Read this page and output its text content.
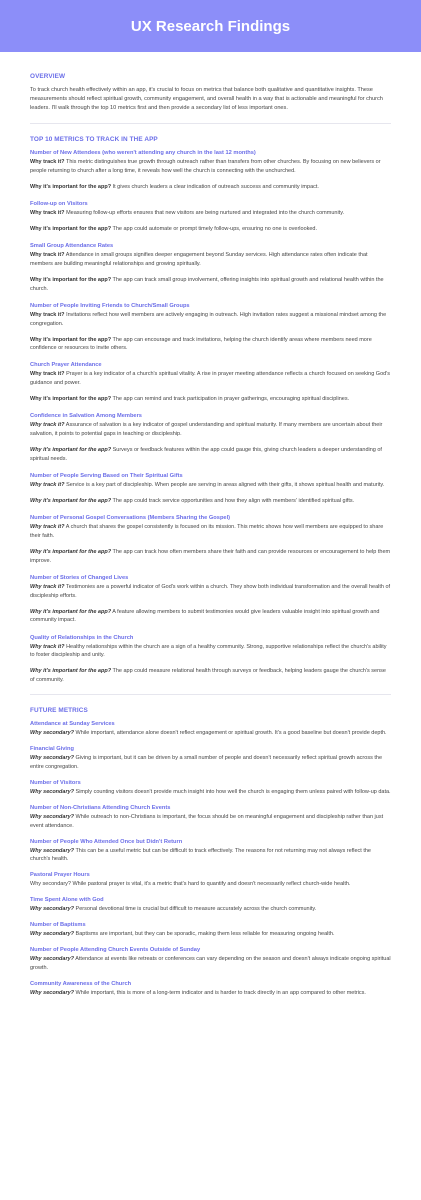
UX Research Findings
OVERVIEW

To track church health effectively within an app, it's crucial to focus on metrics that balance both qualitative and quantitative insights. These measurements should reflect spiritual growth, community engagement, and overall health in a way that is actionable and meaningful for church leaders. I'll walk through the top 10 metrics first and then provide a secondary list of less important ones.

TOP 10 METRICS TO TRACK IN THE APP
Number of New Attendees (who weren't attending any church in the last 12 months)

Why track it? This metric distinguishes true growth through outreach rather than transfers from other churches. By focusing on new believers or people returning to church after a long time, it reveals how well the church is connecting with the unchurched.

Why it's important for the app? It gives church leaders a clear indication of outreach success and community impact.

Follow-up on Visitors

Why track it? Measuring follow-up efforts ensures that new visitors are being nurtured and integrated into the church community.

Why it's important for the app? The app could automate or prompt timely follow-ups, ensuring no one is overlooked.

Small Group Attendance Rates

Why track it? Attendance in small groups signifies deeper engagement beyond Sunday services. High attendance rates often indicate that members are building meaningful relationships and growing spiritually.

Why it's important for the app? The app can track small group involvement, offering insights into spiritual growth and relational health within the church.

Number of People Inviting Friends to Church/Small Groups

Why track it? Invitations reflect how well members are actively engaging in outreach. High invitation rates suggest a missional mindset among the congregation.

Why it's important for the app? The app can encourage and track invitations, helping the church identify areas where members need more confidence or resources to invite others.

Church Prayer Attendance

Why track it? Prayer is a key indicator of a church's spiritual vitality. A rise in prayer meeting attendance reflects a church focused on seeking God's guidance and power.

Why it's important for the app? The app can remind and track participation in prayer gatherings, encouraging spiritual disciplines.

Confidence in Salvation Among Members

Why track it? Assurance of salvation is a key indicator of gospel understanding and spiritual maturity. If many members are uncertain about their salvation, it points to potential gaps in teaching or discipleship.

Why it's important for the app? Surveys or feedback features within the app could gauge this, giving church leaders a deeper understanding of spiritual needs.

Number of People Serving Based on Their Spiritual Gifts

Why track it? Service is a key part of discipleship. When people are serving in areas aligned with their gifts, it shows spiritual health and maturity.

Why it's important for the app? The app could track service opportunities and how they align with members' identified spiritual gifts.

Number of Personal Gospel Conversations (Members Sharing the Gospel)

Why track it? A church that shares the gospel consistently is focused on its mission. This metric shows how well members are equipped to share their faith.

Why it's important for the app? The app can track how often members share their faith and can provide resources or encouragement to help them improve.

Number of Stories of Changed Lives

Why track it? Testimonies are a powerful indicator of God's work within a church. They show both individual transformation and the overall health of discipleship efforts.

Why it's important for the app? A feature allowing members to submit testimonies would give leaders valuable insight into spiritual growth and community impact.

Quality of Relationships in the Church

Why track it? Healthy relationships within the church are a sign of a healthy community. Strong, supportive relationships reflect the church's ability to foster discipleship and unity.

Why it's important for the app? The app could measure relational health through surveys or feedback, helping leaders gauge the church's sense of community.

FUTURE METRICS
Attendance at Sunday Services

Why secondary? While important, attendance alone doesn't reflect engagement or spiritual growth. It's a good baseline but doesn't provide depth.

Financial Giving

Why secondary? Giving is important, but it can be driven by a small number of people and doesn't necessarily reflect spiritual growth across the entire congregation.

Number of Visitors

Why secondary? Simply counting visitors doesn't provide much insight into how well the church is engaging them unless paired with follow-up data.

Number of Non-Christians Attending Church Events

Why secondary? While outreach to non-Christians is important, the focus should be on meaningful engagement and discipleship rather than just event attendance.

Number of People Who Attended Once but Didn't Return

Why secondary? This can be a useful metric but can be difficult to track effectively. The reasons for not returning may not always reflect the church's health.

Pastoral Prayer Hours

Why secondary? While pastoral prayer is vital, it's a metric that's hard to quantify and doesn't necessarily reflect church-wide health.

Time Spent Alone with God

Why secondary? Personal devotional time is crucial but difficult to measure accurately across the church community.

Number of Baptisms

Why secondary? Baptisms are important, but they can be sporadic, making them less reliable for measuring ongoing health.

Number of People Attending Church Events Outside of Sunday

Why secondary? Attendance at events like retreats or conferences can vary depending on the season and doesn't always indicate ongoing spiritual growth.

Community Awareness of the Church

Why secondary? While important, this is more of a long-term indicator and is harder to track directly in an app compared to other metrics.
